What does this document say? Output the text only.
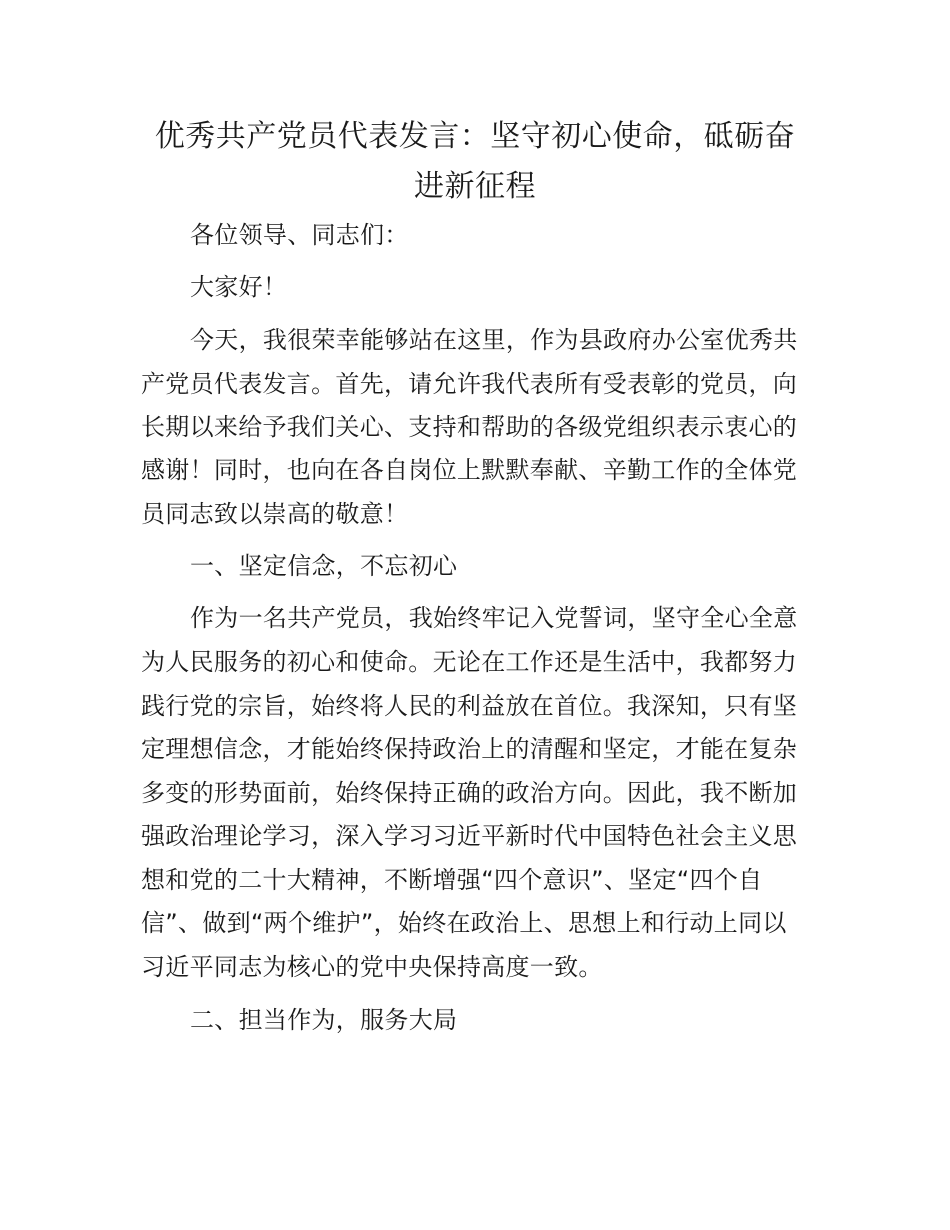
优秀共产党员代表发言：坚守初心使命，砥砺奋进新征程

各位领导、同志们：

大家好！

今天，我很荣幸能够站在这里，作为县政府办公室优秀共

产党员代表发言。首先，请允许我代表所有受表彰的党员，向

长期以来给予我们关心、支持和帮助的各级党组织表示衷心的

感谢！同时，也向在各自岗位上默默奉献、辛勤工作的全体党

员同志致以崇高的敬意！

一、坚定信念，不忘初心

作为一名共产党员，我始终牢记入党誓词，坚守全心全意

为人民服务的初心和使命。无论在工作还是生活中，我都努力

践行党的宗旨，始终将人民的利益放在首位。我深知，只有坚

定理想信念，才能始终保持政治上的清醒和坚定，才能在复杂

多变的形势面前，始终保持正确的政治方向。因此，我不断加

强政治理论学习，深入学习习近平新时代中国特色社会主义思

想和党的二十大精神，不断增强“四个意识”、坚定“四个自

信”、做到“两个维护”，始终在政治上、思想上和行动上同以

习近平同志为核心的党中央保持高度一致。

二、担当作为，服务大局
